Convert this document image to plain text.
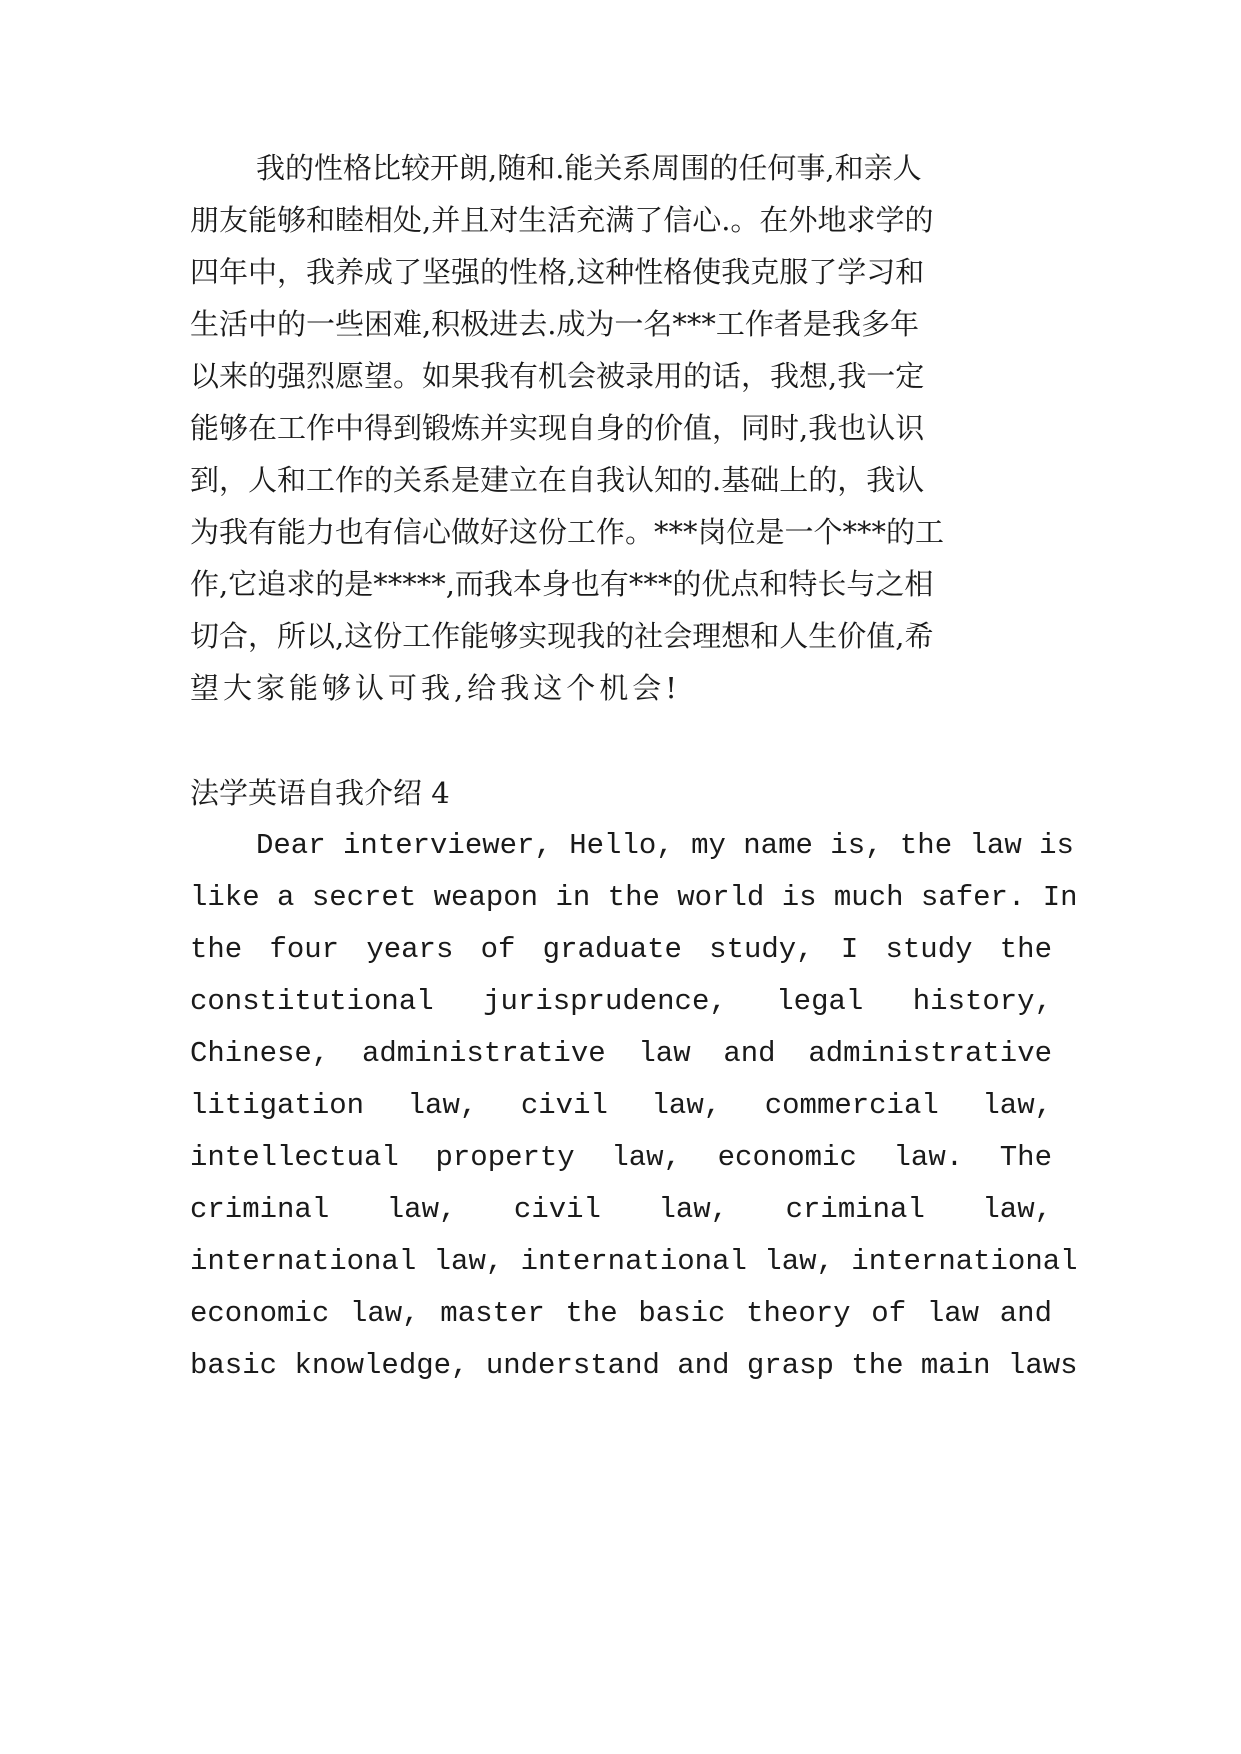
我的性格比较开朗,随和.能关系周围的任何事,和亲人
朋友能够和睦相处,并且对生活充满了信心.。在外地求学的
四年中，我养成了坚强的性格,这种性格使我克服了学习和
生活中的一些困难,积极进去.成为一名***工作者是我多年
以来的强烈愿望。如果我有机会被录用的话，我想,我一定
能够在工作中得到锻炼并实现自身的价值，同时,我也认识
到，人和工作的关系是建立在自我认知的.基础上的，我认
为我有能力也有信心做好这份工作。***岗位是一个***的工
作,它追求的是*****,而我本身也有***的优点和特长与之相
切合，所以,这份工作能够实现我的社会理想和人生价值,希
望大家能够认可我,给我这个机会!
法学英语自我介绍 4
Dear interviewer, Hello, my name is, the law is
like a secret weapon in the world is much safer. In
the four years of graduate study, I study the
constitutional jurisprudence, legal history,
Chinese, administrative law and administrative
litigation law, civil law, commercial law,
intellectual property law, economic law. The
criminal law, civil law, criminal law,
international law, international law, international
economic law, master the basic theory of law and
basic knowledge, understand and grasp the main laws
